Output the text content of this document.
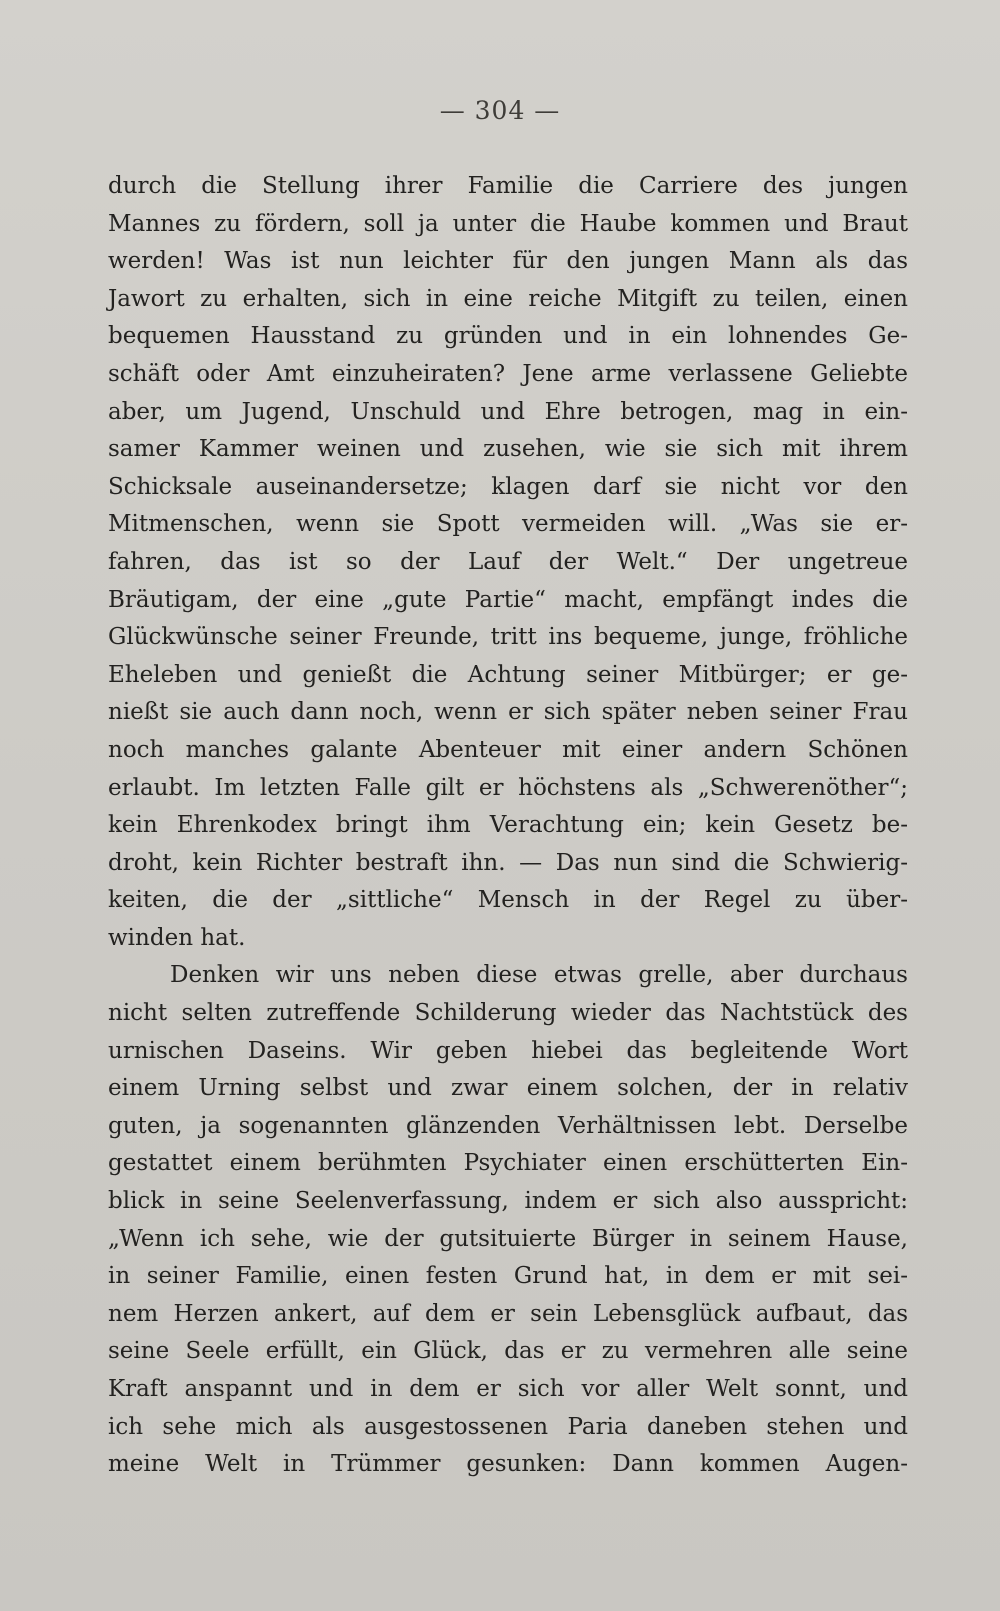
— 304 —
durch die Stellung ihrer Familie die Carriere des jungen
Mannes zu fördern, soll ja unter die Haube kommen und Braut
werden! Was ist nun leichter für den jungen Mann als das
Jawort zu erhalten, sich in eine reiche Mitgift zu teilen, einen
bequemen Hausstand zu gründen und in ein lohnendes Ge-
schäft oder Amt einzuheiraten? Jene arme verlassene Geliebte
aber, um Jugend, Unschuld und Ehre betrogen, mag in ein-
samer Kammer weinen und zusehen, wie sie sich mit ihrem
Schicksale auseinandersetze; klagen darf sie nicht vor den
Mitmenschen, wenn sie Spott vermeiden will. „Was sie er-
fahren, das ist so der Lauf der Welt.“ Der ungetreue
Bräutigam, der eine „gute Partie“ macht, empfängt indes die
Glückwünsche seiner Freunde, tritt ins bequeme, junge, fröhliche
Eheleben und genießt die Achtung seiner Mitbürger; er ge-
nießt sie auch dann noch, wenn er sich später neben seiner Frau
noch manches galante Abenteuer mit einer andern Schönen
erlaubt. Im letzten Falle gilt er höchstens als „Schwerenöther“;
kein Ehrenkodex bringt ihm Verachtung ein; kein Gesetz be-
droht, kein Richter bestraft ihn. — Das nun sind die Schwierig-
keiten, die der „sittliche“ Mensch in der Regel zu über-
winden hat.
Denken wir uns neben diese etwas grelle, aber durchaus
nicht selten zutreffende Schilderung wieder das Nachtstück des
urnischen Daseins. Wir geben hiebei das begleitende Wort
einem Urning selbst und zwar einem solchen, der in relativ
guten, ja sogenannten glänzenden Verhältnissen lebt. Derselbe
gestattet einem berühmten Psychiater einen erschütterten Ein-
blick in seine Seelenverfassung, indem er sich also ausspricht:
„Wenn ich sehe, wie der gutsituierte Bürger in seinem Hause,
in seiner Familie, einen festen Grund hat, in dem er mit sei-
nem Herzen ankert, auf dem er sein Lebensglück aufbaut, das
seine Seele erfüllt, ein Glück, das er zu vermehren alle seine
Kraft anspannt und in dem er sich vor aller Welt sonnt, und
ich sehe mich als ausgestossenen Paria daneben stehen und
meine Welt in Trümmer gesunken: Dann kommen Augen-
